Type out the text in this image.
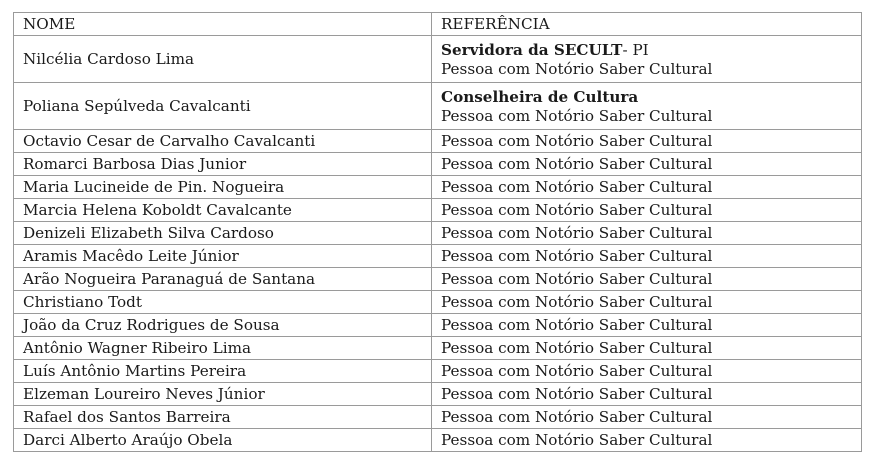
NOME	REFERÊNCIA
Nilcélia Cardoso Lima	Servidora da SECULT- PI
Pessoa com Notório Saber Cultural

Poliana Sepúlveda Cavalcanti	Conselheira de Cultura
Pessoa com Notório Saber Cultural

Octavio Cesar de Carvalho Cavalcanti	Pessoa com Notório Saber Cultural
Romarci Barbosa Dias Junior	Pessoa com Notório Saber Cultural
Maria Lucineide de Pin. Nogueira	Pessoa com Notório Saber Cultural
Marcia Helena Koboldt Cavalcante	Pessoa com Notório Saber Cultural
Denizeli Elizabeth Silva Cardoso	Pessoa com Notório Saber Cultural
Aramis Macêdo Leite Júnior	Pessoa com Notório Saber Cultural
Arão Nogueira Paranaguá de Santana	Pessoa com Notório Saber Cultural
Christiano Todt	Pessoa com Notório Saber Cultural
João da Cruz Rodrigues de Sousa	Pessoa com Notório Saber Cultural
Antônio Wagner Ribeiro Lima	Pessoa com Notório Saber Cultural
Luís Antônio Martins Pereira	Pessoa com Notório Saber Cultural
Elzeman Loureiro Neves Júnior	Pessoa com Notório Saber Cultural
Rafael dos Santos Barreira	Pessoa com Notório Saber Cultural
Darci Alberto Araújo Obela	Pessoa com Notório Saber Cultural
